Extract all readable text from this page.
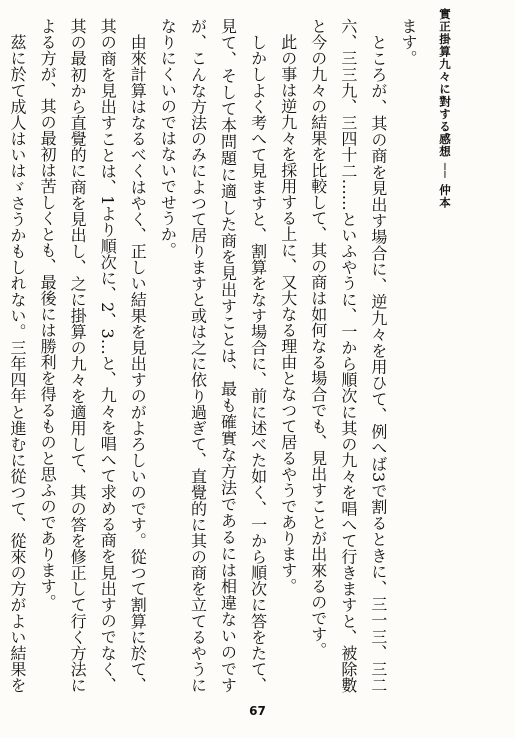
實正掛算九々に對する感想 ── 仲本

ます。

ところが、其の商を見出す場合に、逆九々を用ひて、例へば3で割るときに、三一三、三二六、三三九、三四十二……といふやうに、一から順次に其の九々を唱へて行きますと、被除數と今の九々の結果を比較して、其の商は如何なる場合でも、見出すことが出來るのです。

此の事は逆九々を採用する上に、又大なる理由となつて居るやうであります。

しかしよく考へて見ますと、割算をなす場合に、前に述べた如く、一から順次に答をたて、見て、そして本問題に適した商を見出すことは、最も確實な方法であるには相違ないのですが、こんな方法のみによつて居りますと或は之に依り過ぎて、直覺的に其の商を立てるやうになりにくいのではないでせうか。

由來計算はなるべくはやく、正しい結果を見出すのがよろしいのです。從つて割算に於て、其の商を見出すことは、1より順次に、2、3…と、九々を唱へて求める商を見出すのでなく、其の最初から直覺的に商を見出し、之に掛算の九々を適用して、其の答を修正して行く方法による方が、其の最初は苦しくとも、最後には勝利を得るものと思ふのであります。

茲に於て成人はいはゞさうかもしれない。三年四年と進むに從つて、從來の方がよい結果を

67
